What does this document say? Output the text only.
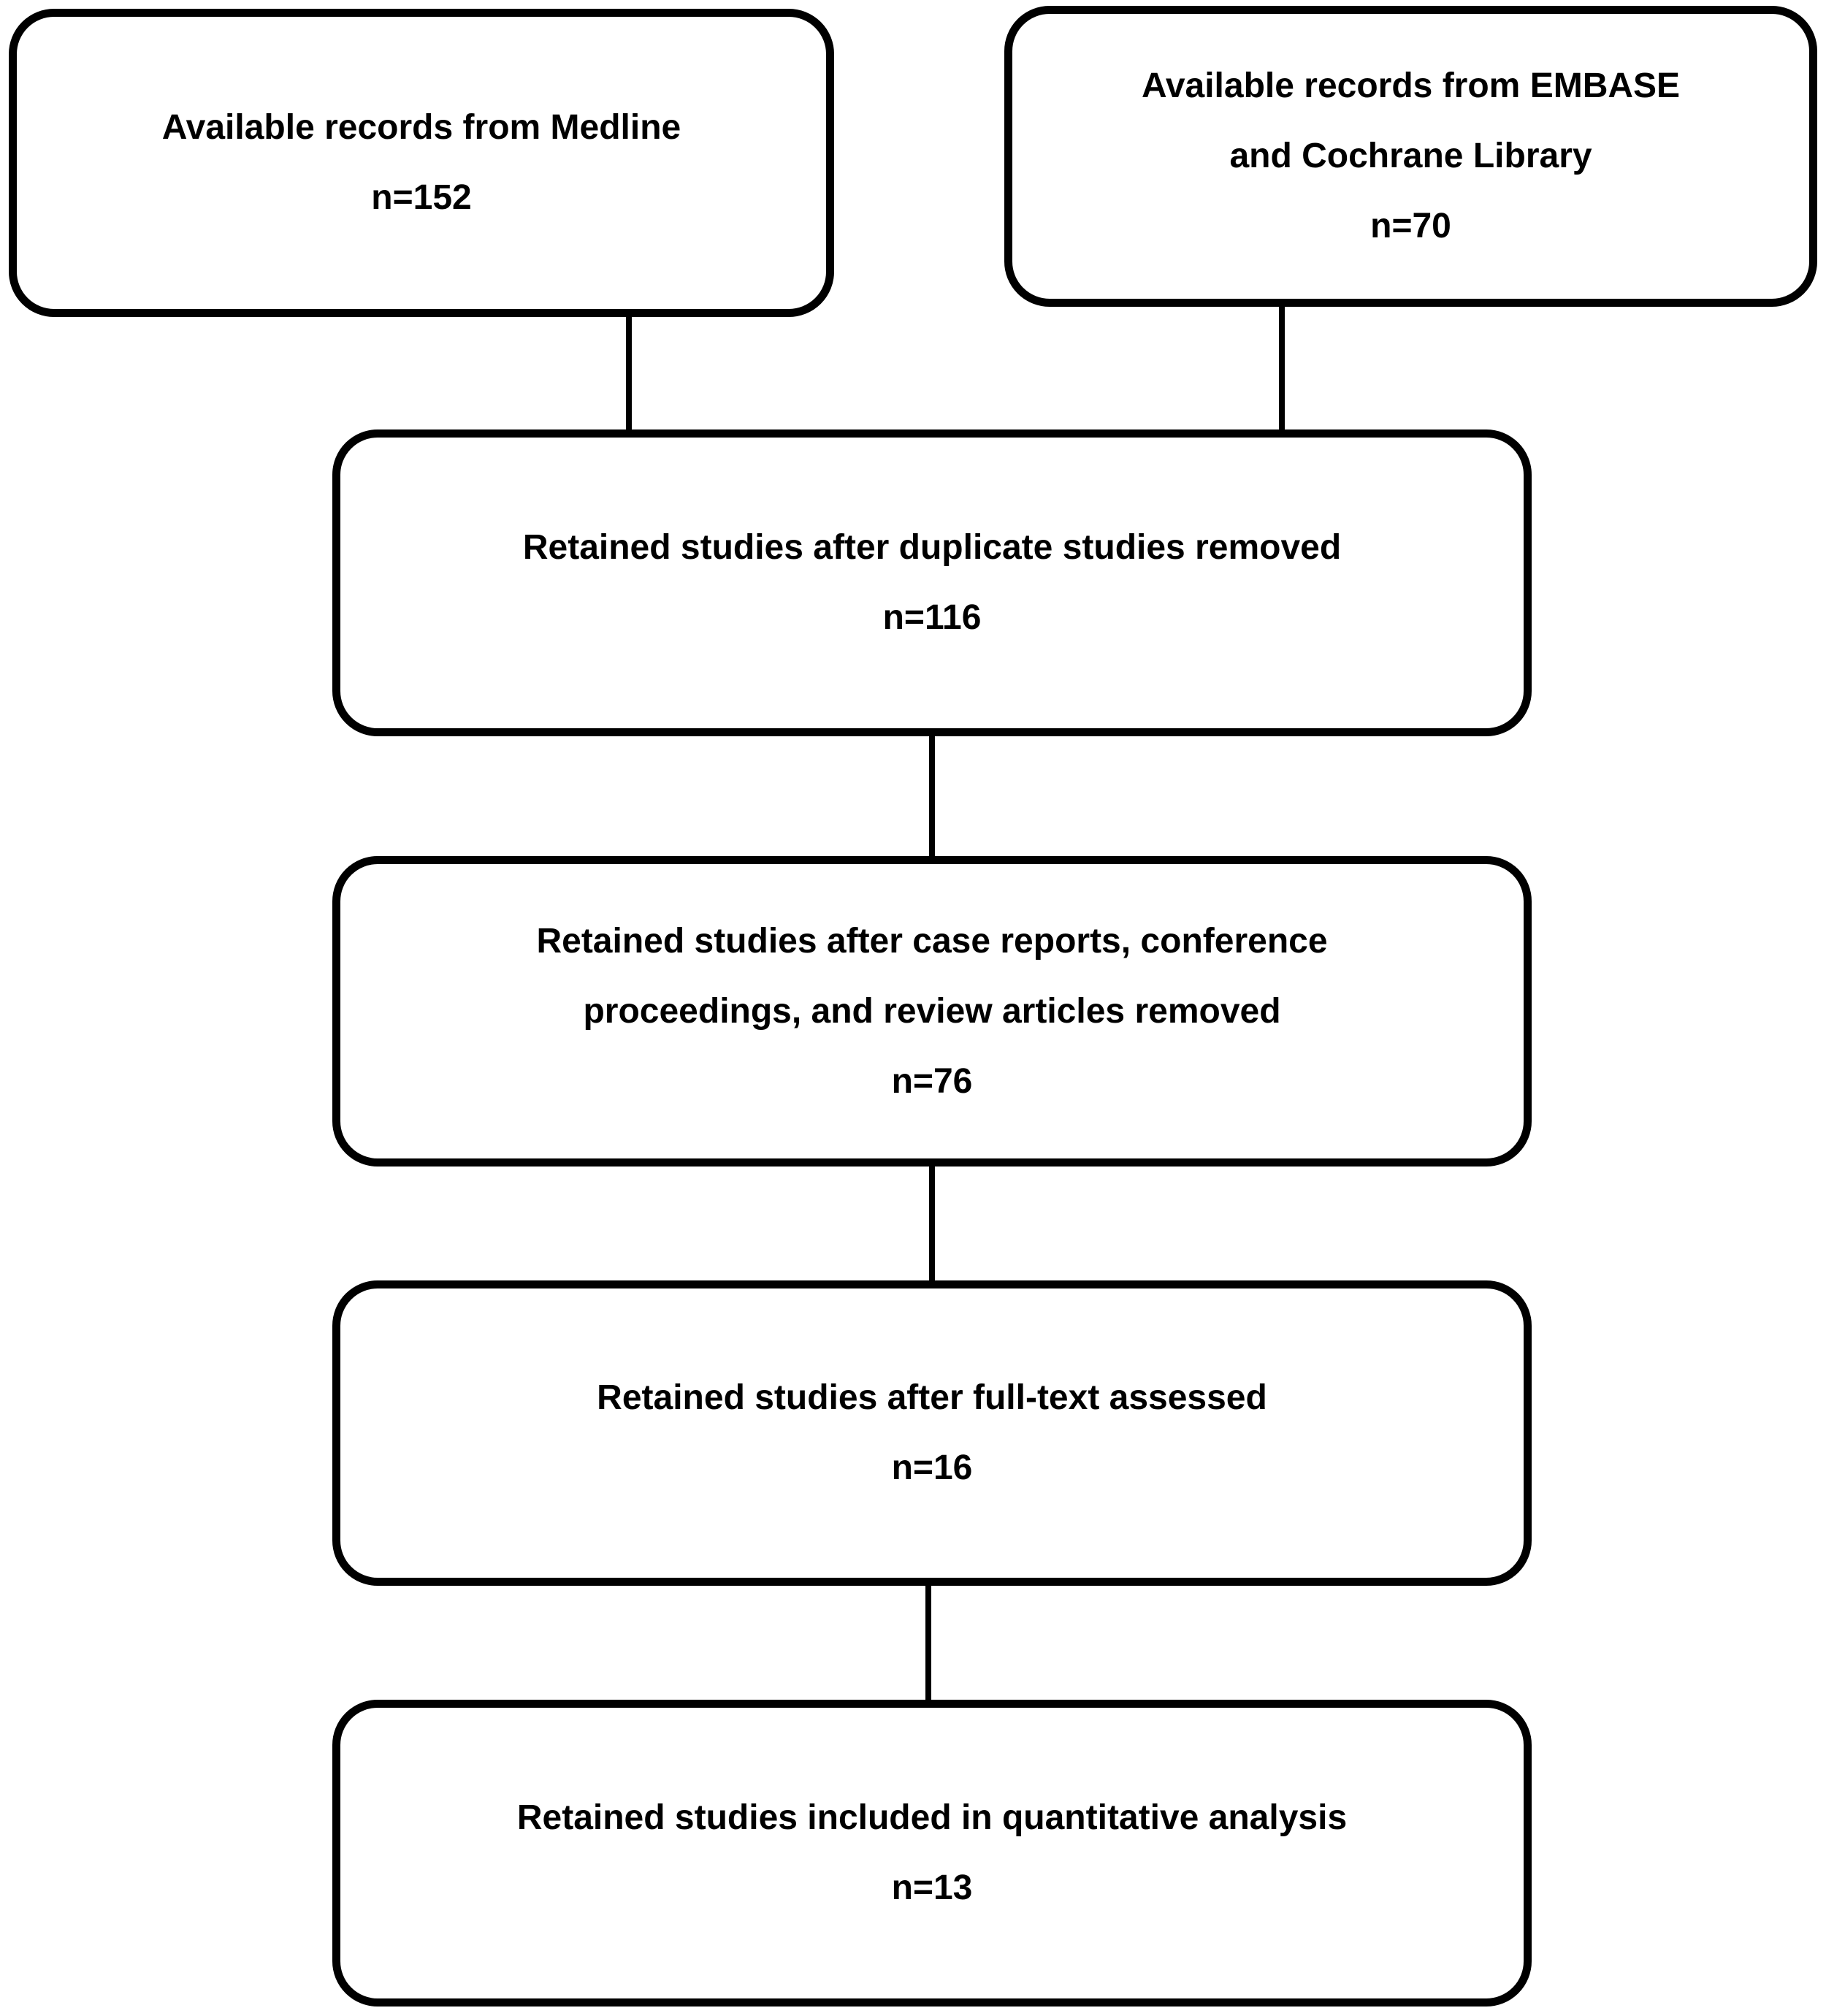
Available records from Medline
n=152
Available records from EMBASE
and Cochrane Library
n=70
Retained studies after duplicate studies removed
n=116
Retained studies after case reports, conference
proceedings, and review articles removed
n=76
Retained studies after full-text assessed
n=16
Retained studies included in quantitative analysis
n=13
